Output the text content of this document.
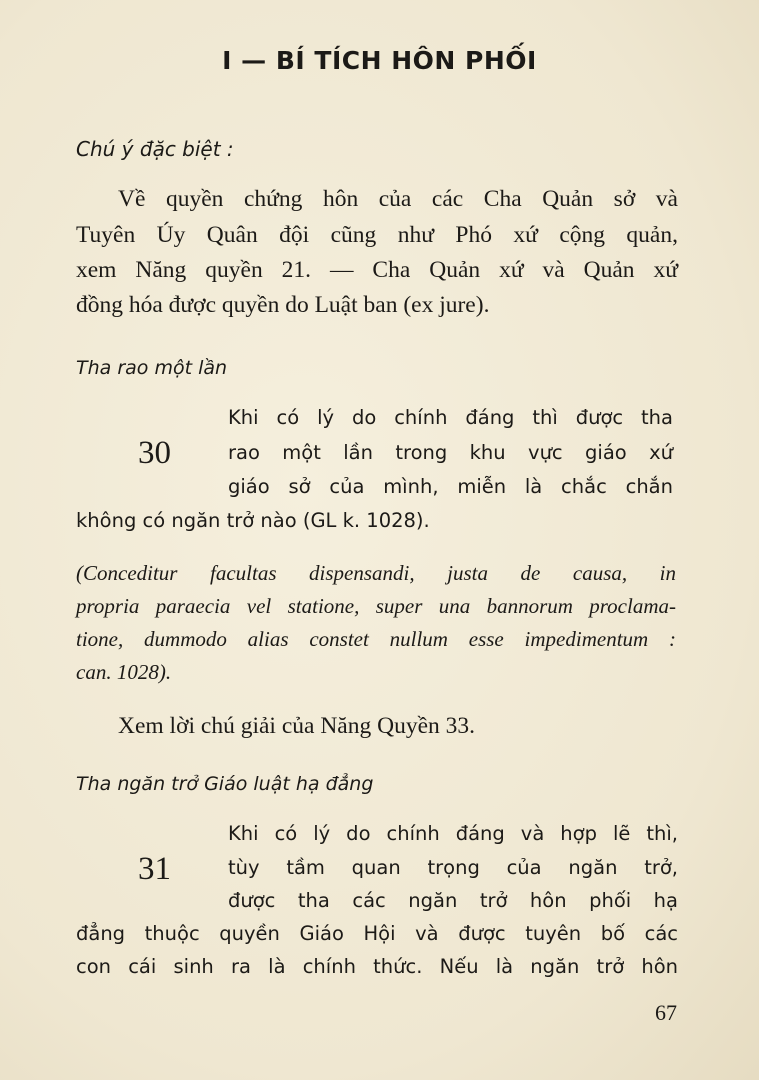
I — BÍ TÍCH HÔN PHỐI
Chú ý đặc biệt :
Về quyền chứng hôn của các Cha Quản sở và
Tuyên Úy Quân đội cũng như Phó xứ cộng quản,
xem Năng quyền 21. — Cha Quản xứ và Quản xứ
đồng hóa được quyền do Luật ban (ex jure).
Tha rao một lần
30
Khi có lý do chính đáng thì được tha
rao một lần trong khu vực giáo xứ
giáo sở của mình, miễn là chắc chắn
không có ngăn trở nào (GL k. 1028).
(Conceditur facultas dispensandi, justa de causa, in
propria paraecia vel statione, super una bannorum proclama-
tione, dummodo alias constet nullum esse impedimentum :
can. 1028).
Xem lời chú giải của Năng Quyền 33.
Tha ngăn trở Giáo luật hạ đẳng
31
Khi có lý do chính đáng và hợp lẽ thì,
tùy tầm quan trọng của ngăn trở,
được tha các ngăn trở hôn phối hạ
đẳng thuộc quyền Giáo Hội và được tuyên bố các
con cái sinh ra là chính thức. Nếu là ngăn trở hôn
67
